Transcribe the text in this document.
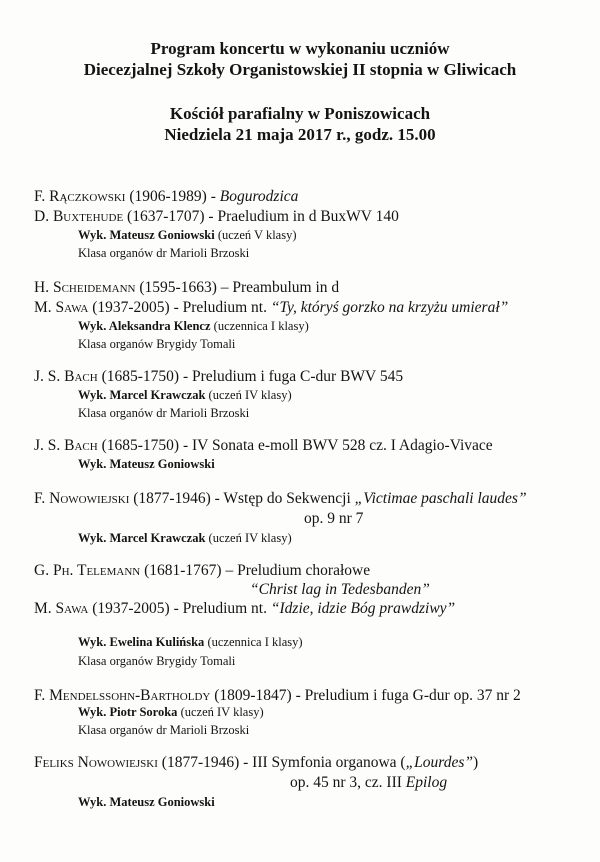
Program koncertu w wykonaniu uczniów
Diecezjalnej Szkoły Organistowskiej II stopnia w Gliwicach
Kościół parafialny w Poniszowicach
Niedziela 21 maja 2017 r., godz. 15.00
F. Rączkowski (1906-1989) - Bogurodzica
D. Buxtehude (1637-1707) - Praeludium in d BuxWV 140
Wyk. Mateusz Goniowski (uczeń V klasy)
Klasa organów dr Marioli Brzoski
H. Scheidemann (1595-1663) – Preambulum in d
M. Sawa (1937-2005) - Preludium nt. “Ty, któryś gorzko na krzyżu umierał”
Wyk. Aleksandra Klencz (uczennica I klasy)
Klasa organów Brygidy Tomali
J. S. Bach (1685-1750) - Preludium i fuga C-dur BWV 545
Wyk. Marcel Krawczak (uczeń IV klasy)
Klasa organów dr Marioli Brzoski
J. S. Bach (1685-1750) - IV Sonata e-moll BWV 528 cz. I Adagio-Vivace
Wyk. Mateusz Goniowski
F. Nowowiejski (1877-1946) - Wstęp do Sekwencji „Victimae paschali laudes”
op. 9 nr 7
Wyk. Marcel Krawczak (uczeń IV klasy)
G. Ph. Telemann (1681-1767) – Preludium chorałowe
“Christ lag in Tedesbanden”
M. Sawa (1937-2005) - Preludium nt. “Idzie, idzie Bóg prawdziwy”
Wyk. Ewelina Kulińska (uczennica I klasy)
Klasa organów Brygidy Tomali
F. Mendelssohn-Bartholdy (1809-1847) - Preludium i fuga G-dur op. 37 nr 2
Wyk. Piotr Soroka (uczeń IV klasy)
Klasa organów dr Marioli Brzoski
Feliks Nowowiejski (1877-1946) - III Symfonia organowa („Lourdes”)
op. 45 nr 3, cz. III Epilog
Wyk. Mateusz Goniowski
